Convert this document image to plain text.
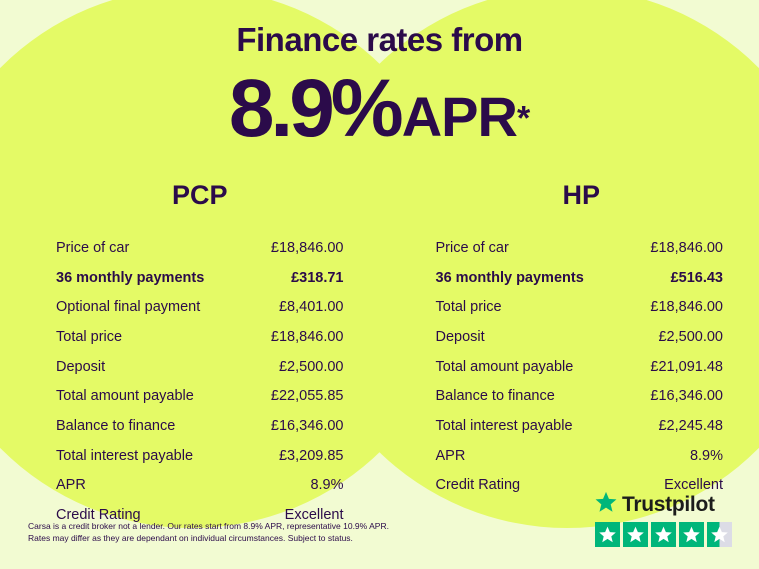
Finance rates from
8.9%APR*
PCP
Price of car	£18,846.00
36 monthly payments	£318.71
Optional final payment	£8,401.00
Total price	£18,846.00
Deposit	£2,500.00
Total amount payable	£22,055.85
Balance to finance	£16,346.00
Total interest payable	£3,209.85
APR	8.9%
Credit Rating	Excellent
HP
Price of car	£18,846.00
36 monthly payments	£516.43
Total price	£18,846.00
Deposit	£2,500.00
Total amount payable	£21,091.48
Balance to finance	£16,346.00
Total interest payable	£2,245.48
APR	8.9%
Credit Rating	Excellent
Carsa is a credit broker not a lender. Our rates start from 8.9% APR, representative 10.9% APR.
Rates may differ as they are dependant on individual circumstances. Subject to status.
Trustpilot
